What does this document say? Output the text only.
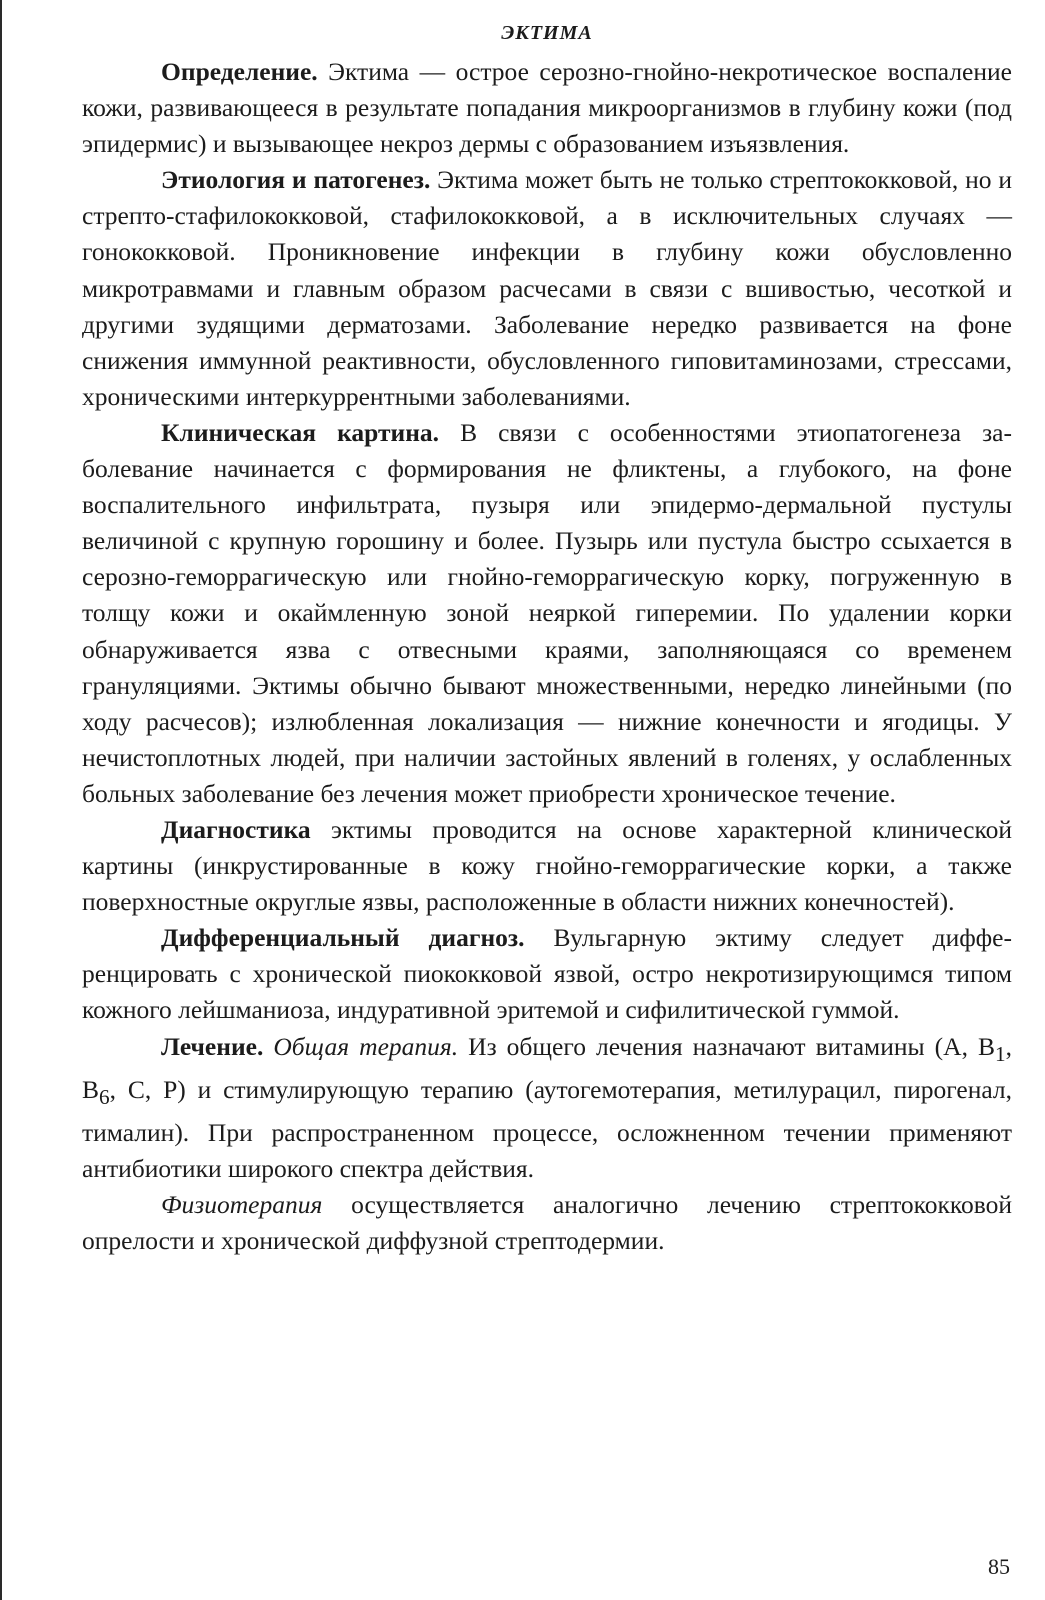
ЭКТИМА

Определение. Эктима — острое серозно-гнойно-некротическое воспаление кожи, развивающееся в результате попадания микроорганизмов в глубину кожи (под эпидермис) и вызывающее некроз дермы с образованием изъязвления.

Этиология и патогенез. Эктима может быть не только стрептококковой, но и стрепто-стафилококковой, стафилококковой, а в исключительных случаях — гонококковой. Проникновение инфекции в глубину кожи обусловленно микротравмами и главным образом расчесами в связи с вшивостью, чесоткой и другими зудящими дерматозами. Заболевание нередко развивается на фоне снижения иммунной реактивности, обусловленного гиповитаминозами, стрессами, хроническими интеркуррентными заболеваниями.

Клиническая картина. В связи с особенностями этиопатогенеза заболевание начинается с формирования не фликтены, а глубокого, на фоне воспалительного инфильтрата, пузыря или эпидермо-дермальной пустулы величиной с крупную горошину и более. Пузырь или пустула быстро ссыхается в серозно-геморрагическую или гнойно-геморрагическую корку, погруженную в толщу кожи и окаймленную зоной неяркой гиперемии. По удалении корки обнаруживается язва с отвесными краями, заполняющаяся со временем грануляциями. Эктимы обычно бывают множественными, нередко линейными (по ходу расчесов); излюбленная локализация — нижние конечности и ягодицы. У нечистоплотных людей, при наличии застойных явлений в голенях, у ослабленных больных заболевание без лечения может приобрести хроническое течение.

Диагностика эктимы проводится на основе характерной клинической картины (инкрустированные в кожу гнойно-геморрагические корки, а также поверхностные округлые язвы, расположенные в области нижних конечностей).

Дифференциальный диагноз. Вульгарную эктиму следует дифференцировать с хронической пиококковой язвой, остро некротизирующимся типом кожного лейшманиоза, индуративной эритемой и сифилитической гуммой.

Лечение. Общая терапия. Из общего лечения назначают витамины (А, $В_1$, $В_6$, С, Р) и стимулирующую терапию (аутогемотерапия, метилурацил, пирогенал, тималин). При распространенном процессе, осложненном течении применяют антибиотики широкого спектра действия.

Физиотерапия осуществляется аналогично лечению стрептококковой опрелости и хронической диффузной стрептодермии.

85
